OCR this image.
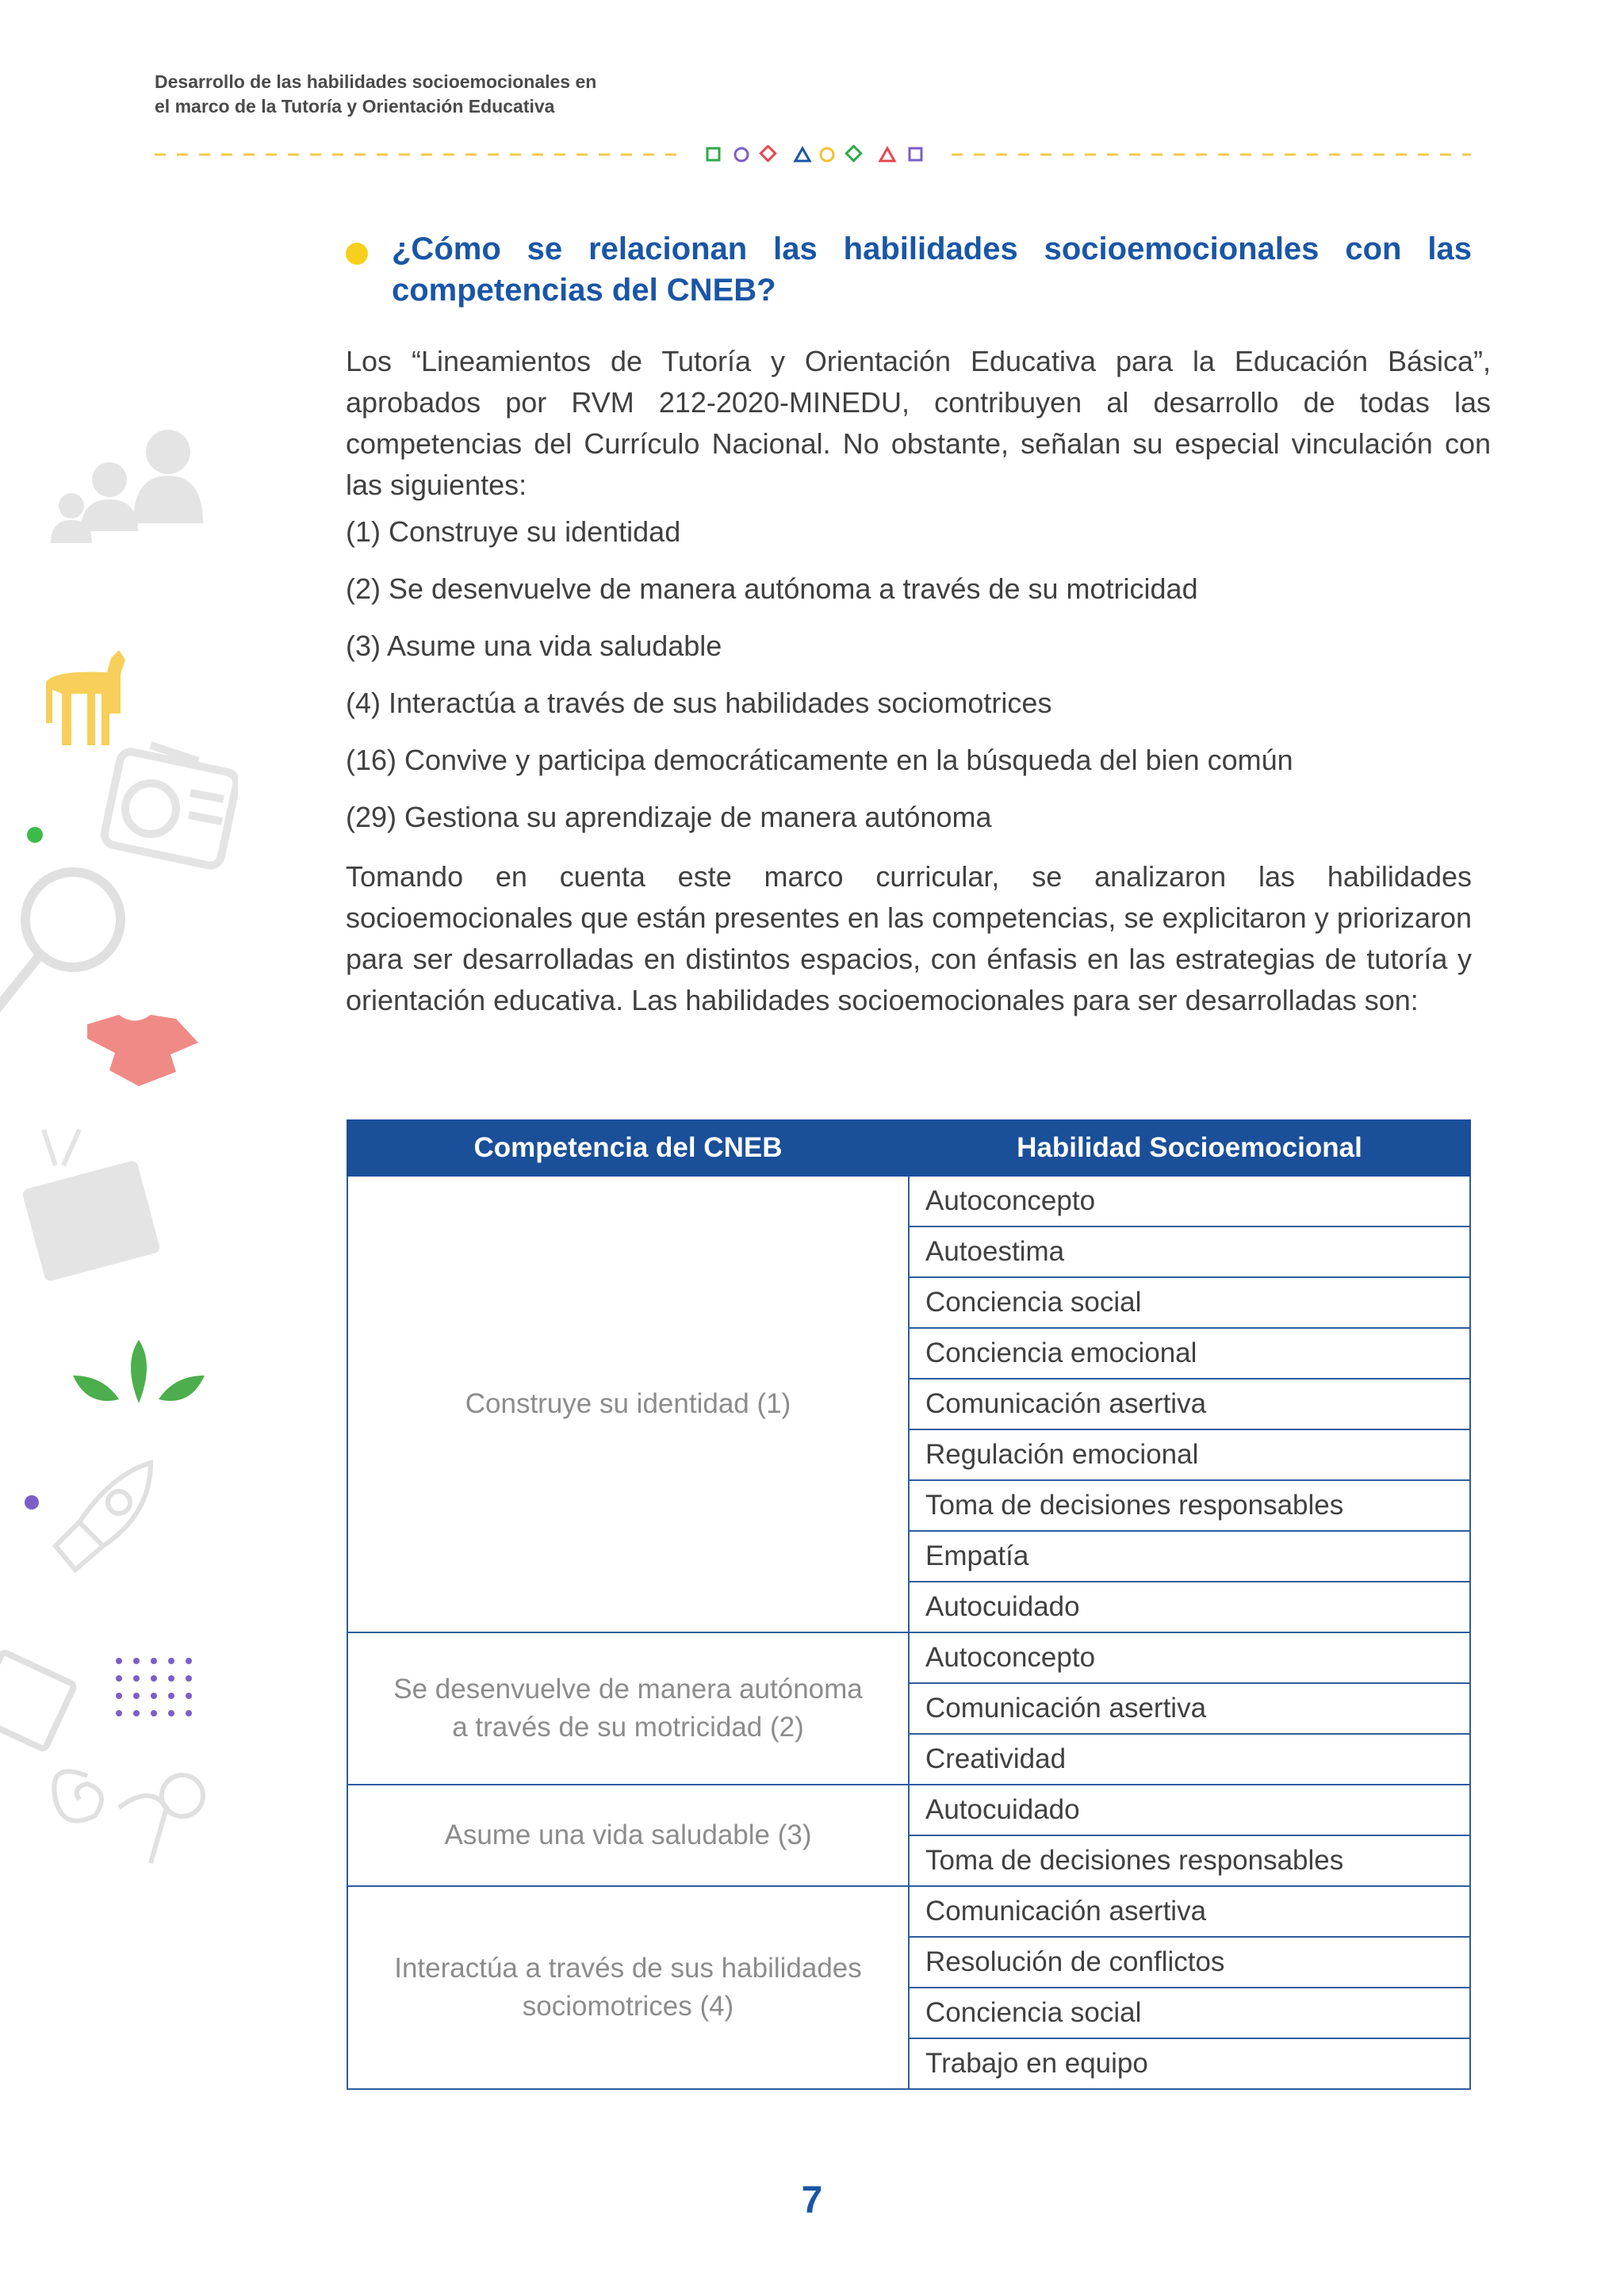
Desarrollo de las habilidades socioemocionales en
el marco de la Tutoría y Orientación Educativa
¿Cómo se relacionan las habilidades socioemocionales con las competencias del CNEB?
Los “Lineamientos de Tutoría y Orientación Educativa para la Educación Básica”, aprobados por RVM 212-2020-MINEDU, contribuyen al desarrollo de todas las competencias del Currículo Nacional. No obstante, señalan su especial vinculación con las siguientes:
(1) Construye su identidad
(2) Se desenvuelve de manera autónoma a través de su motricidad
(3) Asume una vida saludable
(4) Interactúa a través de sus habilidades sociomotrices
(16) Convive y participa democráticamente en la búsqueda del bien común
(29) Gestiona su aprendizaje de manera autónoma
Tomando en cuenta este marco curricular, se analizaron las habilidades socioemocionales que están presentes en las competencias, se explicitaron y priorizaron para ser desarrolladas en distintos espacios, con énfasis en las estrategias de tutoría y orientación educativa. Las habilidades socioemocionales para ser desarrolladas son:
Competencia del CNEB	Habilidad Socioemocional
Construye su identidad (1)	Autoconcepto
	Autoestima
	Conciencia social
	Conciencia emocional
	Comunicación asertiva
	Regulación emocional
	Toma de decisiones responsables
	Empatía
	Autocuidado

Se desenvuelve de manera autónoma
a través de su motricidad (2)	Autoconcepto
	Comunicación asertiva
	Creatividad
Asume una vida saludable (3)	Autocuidado
	Toma de decisiones responsables

Interactúa a través de sus habilidades
sociomotrices (4)	Comunicación asertiva
	Resolución de conflictos
	Conciencia social
	Trabajo en equipo
7
